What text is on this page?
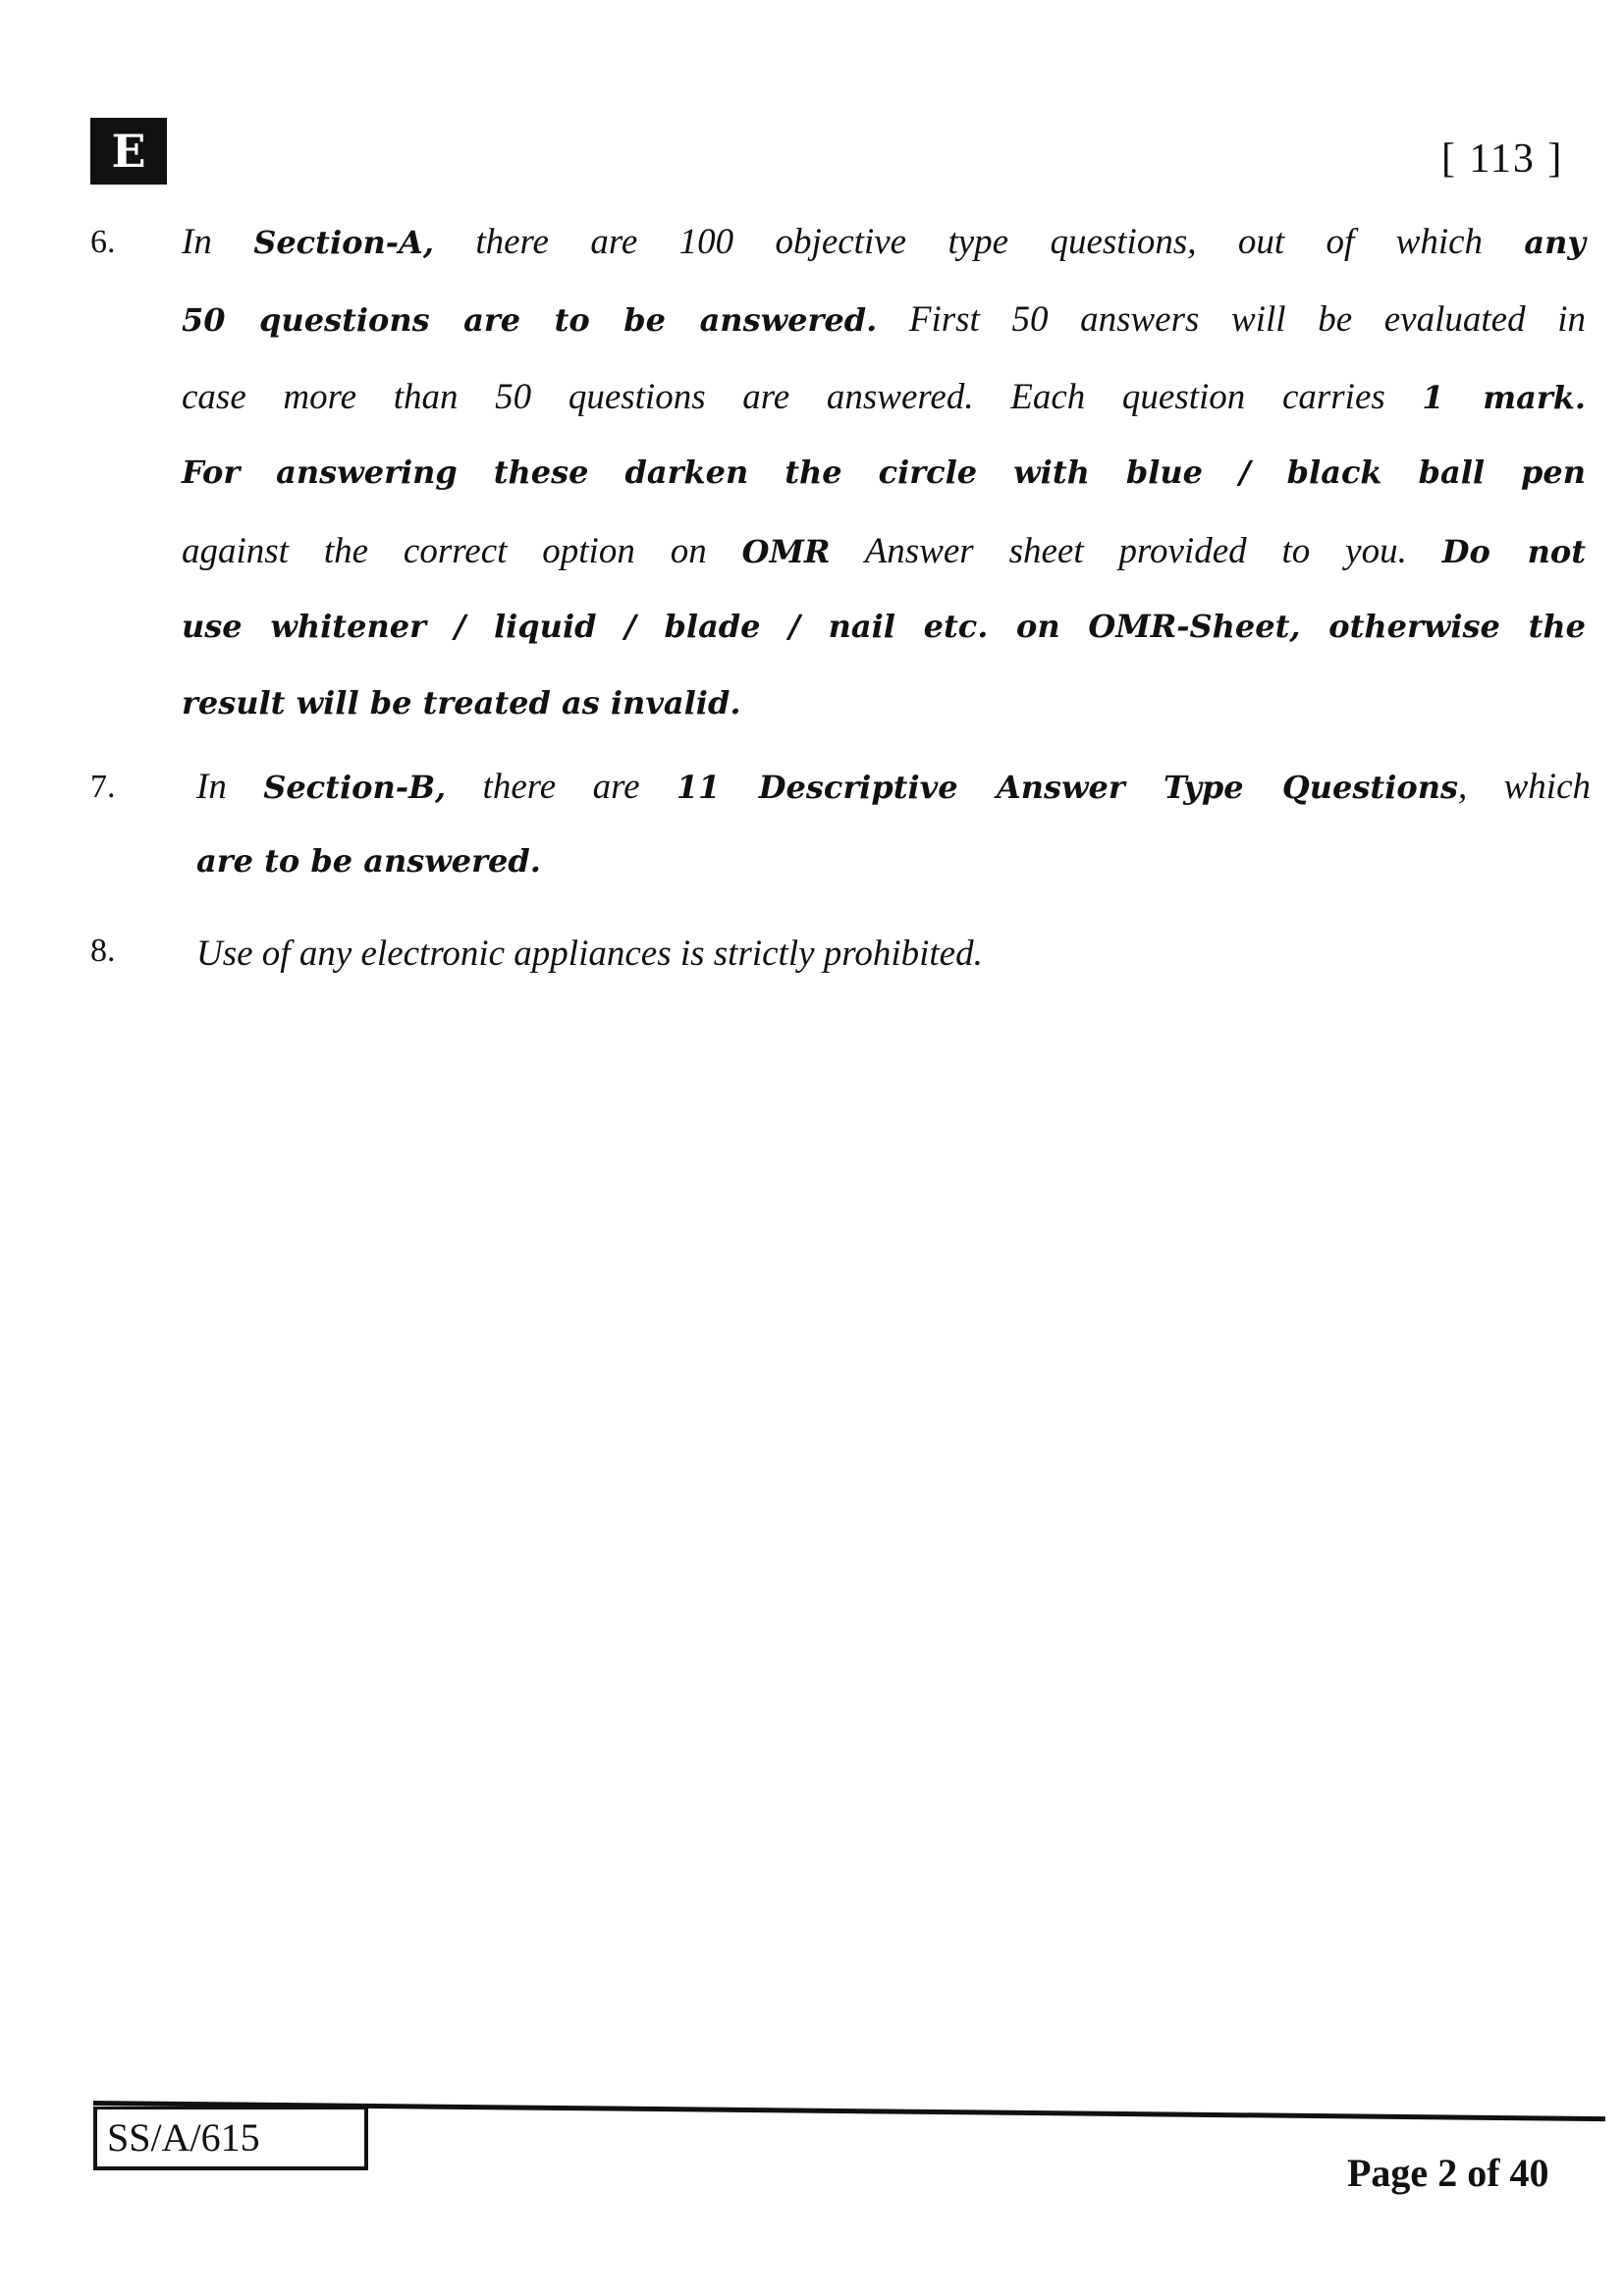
E	[ 113 ]
6. In Section-A, there are 100 objective type questions, out of which any
50 questions are to be answered. First 50 answers will be evaluated in
case more than 50 questions are answered. Each question carries 1 mark.
For answering these darken the circle with blue / black ball pen
against the correct option on OMR Answer sheet provided to you. Do not
use whitener / liquid / blade / nail etc. on OMR-Sheet, otherwise the
result will be treated as invalid.
7. In Section-B, there are 11 Descriptive Answer Type Questions, which
are to be answered.
8. Use of any electronic appliances is strictly prohibited.
SS/A/615
Page 2 of 40
